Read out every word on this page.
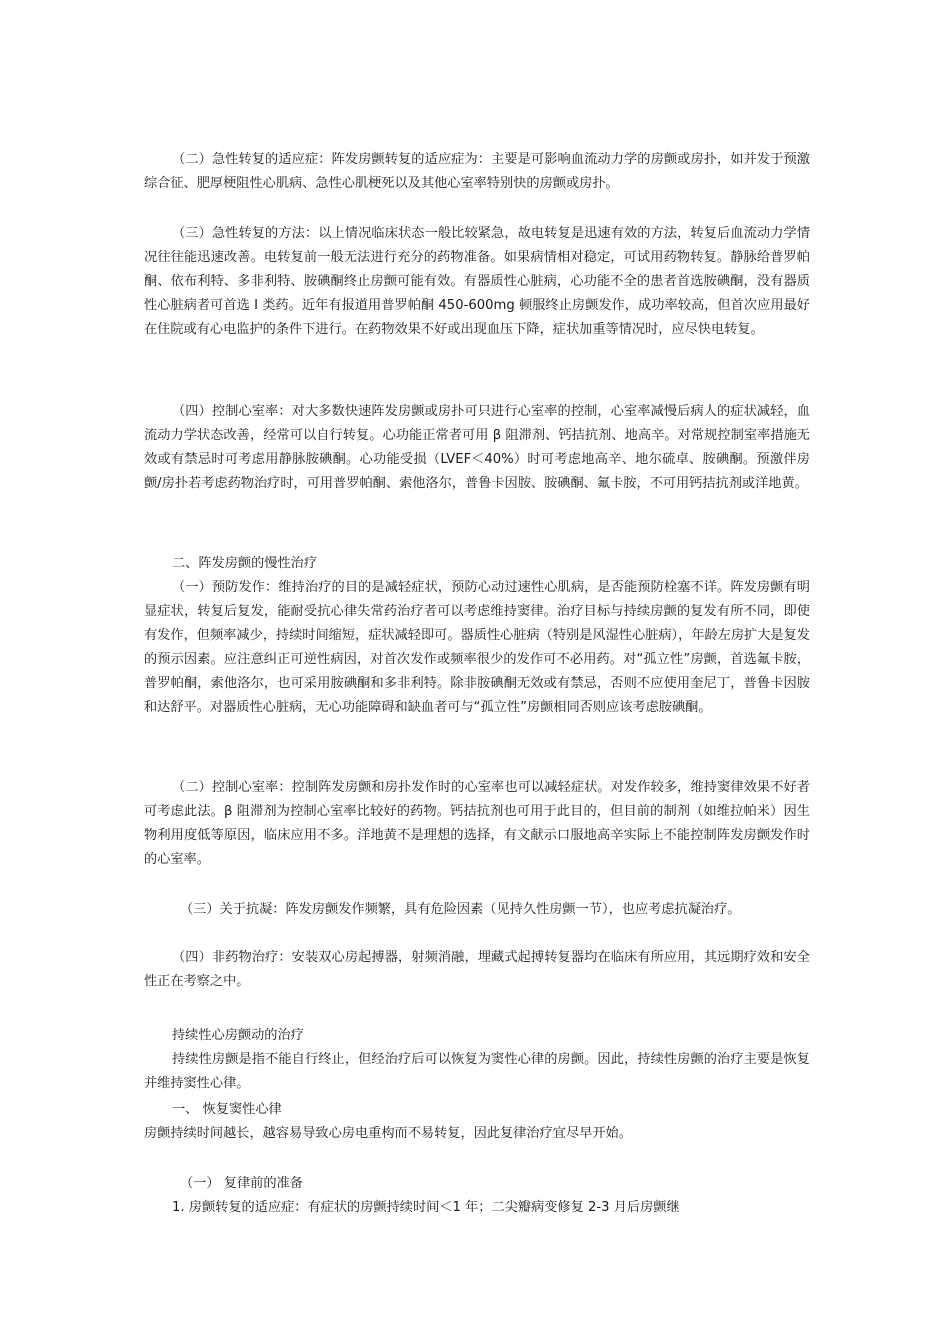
（二）急性转复的适应症：阵发房颤转复的适应症为：主要是可影响血流动力学的房颤或房扑，如并发于预激综合征、肥厚梗阻性心肌病、急性心肌梗死以及其他心室率特别快的房颤或房扑。

（三）急性转复的方法：以上情况临床状态一般比较紧急，故电转复是迅速有效的方法，转复后血流动力学情况往往能迅速改善。电转复前一般无法进行充分的药物准备。如果病情相对稳定，可试用药物转复。静脉给普罗帕酮、依布利特、多非利特、胺碘酮终止房颤可能有效。有器质性心脏病，心功能不全的患者首选胺碘酮，没有器质性心脏病者可首选 I 类药。近年有报道用普罗帕酮 450-600mg 顿服终止房颤发作，成功率较高，但首次应用最好在住院或有心电监护的条件下进行。在药物效果不好或出现血压下降，症状加重等情况时，应尽快电转复。

（四）控制心室率：对大多数快速阵发房颤或房扑可只进行心室率的控制，心室率减慢后病人的症状减轻，血流动力学状态改善，经常可以自行转复。心功能正常者可用 β 阻滞剂、钙拮抗剂、地高辛。对常规控制室率措施无效或有禁忌时可考虑用静脉胺碘酮。心功能受损（LVEF＜40%）时可考虑地高辛、地尔硫卓、胺碘酮。预激伴房颤/房扑若考虑药物治疗时，可用普罗帕酮、索他洛尔，普鲁卡因胺、胺碘酮、氟卡胺，不可用钙拮抗剂或洋地黄。

二、阵发房颤的慢性治疗

（一）预防发作：维持治疗的目的是减轻症状，预防心动过速性心肌病，是否能预防栓塞不详。阵发房颤有明显症状，转复后复发，能耐受抗心律失常药治疗者可以考虑维持窦律。治疗目标与持续房颤的复发有所不同，即使有发作，但频率减少，持续时间缩短，症状减轻即可。器质性心脏病（特别是风湿性心脏病），年龄左房扩大是复发的预示因素。应注意纠正可逆性病因，对首次发作或频率很少的发作可不必用药。对“孤立性”房颤，首选氟卡胺，普罗帕酮，索他洛尔，也可采用胺碘酮和多非利特。除非胺碘酮无效或有禁忌，否则不应使用奎尼丁，普鲁卡因胺和达舒平。对器质性心脏病，无心功能障碍和缺血者可与“孤立性”房颤相同否则应该考虑胺碘酮。

（二）控制心室率：控制阵发房颤和房扑发作时的心室率也可以减轻症状。对发作较多，维持窦律效果不好者可考虑此法。β 阻滞剂为控制心室率比较好的药物。钙拮抗剂也可用于此目的，但目前的制剂（如维拉帕米）因生物利用度低等原因，临床应用不多。洋地黄不是理想的选择，有文献示口服地高辛实际上不能控制阵发房颤发作时的心室率。

（三）关于抗凝：阵发房颤发作频繁，具有危险因素（见持久性房颤一节），也应考虑抗凝治疗。

（四）非药物治疗：安装双心房起搏器，射频消融，埋藏式起搏转复器均在临床有所应用，其远期疗效和安全性正在考察之中。

持续性心房颤动的治疗

持续性房颤是指不能自行终止，但经治疗后可以恢复为窦性心律的房颤。因此，持续性房颤的治疗主要是恢复并维持窦性心律。

一、 恢复窦性心律

房颤持续时间越长，越容易导致心房电重构而不易转复，因此复律治疗宜尽早开始。

（一） 复律前的准备

1. 房颤转复的适应症：有症状的房颤持续时间＜1 年；二尖瓣病变修复 2-3 月后房颤继
